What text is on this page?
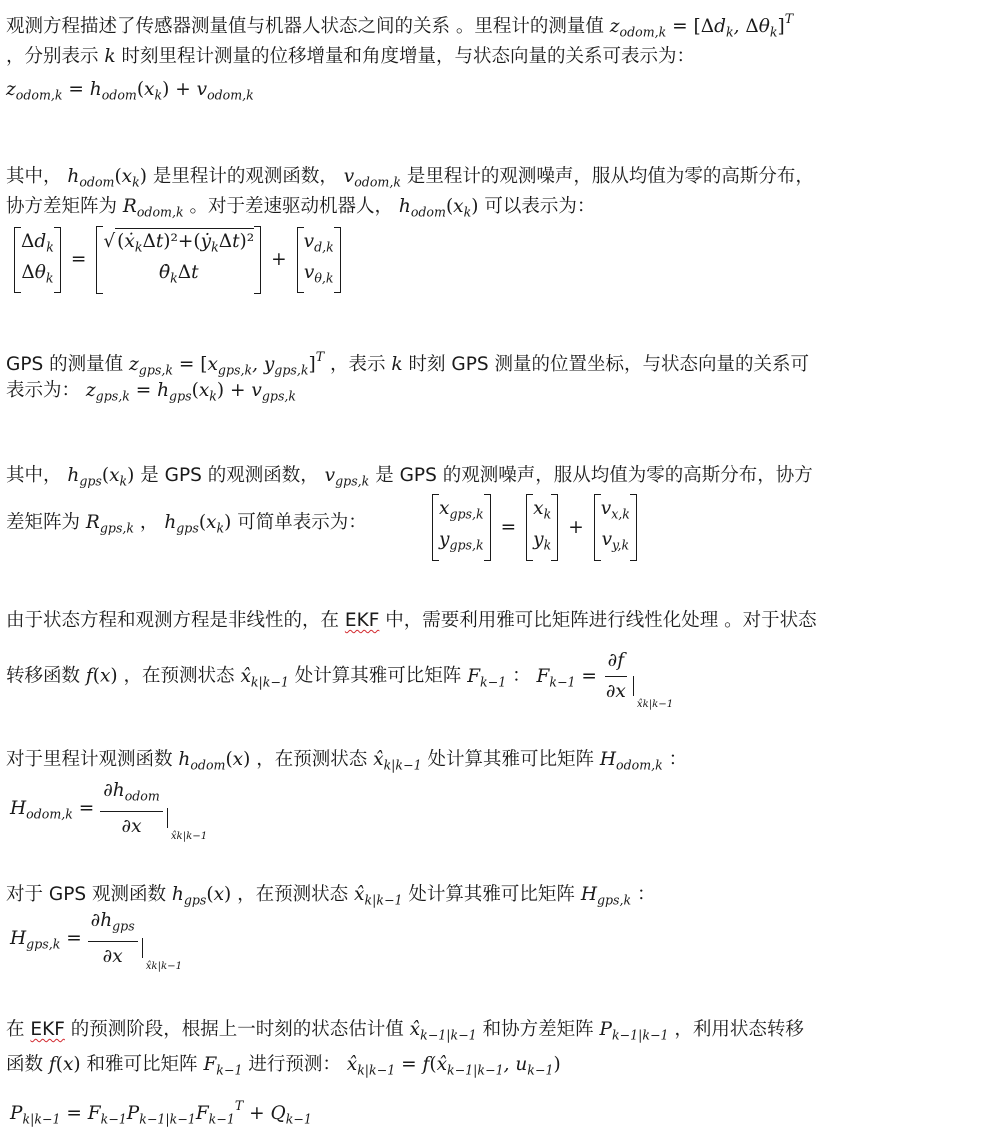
观测方程描述了传感器测量值与机器人状态之间的关系 。里程计的测量值 $z_{odom,k} = [\Delta d_k$, $\Delta\theta_k]^T$
，分别表示 k 时刻里程计测量的位移增量和角度增量，与状态向量的关系可表示为：
$z_{odom,k} = h_{odom}(x_k) + v_{odom,k}$
其中， $h_{odom}(x_k)$ 是里程计的观测函数， $v_{odom,k}$ 是里程计的观测噪声，服从均值为零的高斯分布，
协方差矩阵为 $R_{odom,k}$ 。对于差速驱动机器人， $h_{odom}(x_k)$ 可以表示为：
$\Delta d_k$
$\Delta\theta_k$
=
√ (ẋ$_k$Δt)²+(ẏ$_k$Δt)²
$\thetȧ_k\Delta t$
+
$v_{d,k}$
$v_{\theta,k}$
GPS 的测量值 $z_{gps,k} = [x_{gps,k}$, $y_{gps,k}]^T$ ，表示 k 时刻 GPS 测量的位置坐标，与状态向量的关系可
表示为： $z_{gps,k} = h_{gps}(x_k) + v_{gps,k}$
其中， $h_{gps}(x_k)$ 是 GPS 的观测函数， $v_{gps,k}$ 是 GPS 的观测噪声，服从均值为零的高斯分布，协方
差矩阵为 $R_{gps,k}$ ， $h_{gps}(x_k)$ 可简单表示为：
$x_{gps,k}$
$y_{gps,k}$
=
$x_k$
$y_k$
+
$v_{x,k}$
$v_{y,k}$
由于状态方程和观测方程是非线性的，在 EKF 中，需要利用雅可比矩阵进行线性化处理 。对于状态
转移函数 f(x) ，在预测状态 $x̂_{k|k-1}$ 处计算其雅可比矩阵 $F_{k-1}$ ： $F_{k-1} = \frac{\partial f}{\partial x} _{x̂k|k-1}$
对于里程计观测函数 $h_{odom}(x)$ ，在预测状态 $x̂_{k|k-1}$ 处计算其雅可比矩阵 $H_{odom,k}$ ：
$H_{odom,k} = \frac{\partial h_{odom}}{\partial x} _{x̂k|k-1}$
对于 GPS 观测函数 $h_{gps}(x)$ ，在预测状态 $x̂_{k|k-1}$ 处计算其雅可比矩阵 $H_{gps,k}$ ：
$H_{gps,k} = \frac{\partial h_{gps}}{\partial x} _{x̂k|k-1}$
在 EKF 的预测阶段，根据上一时刻的状态估计值 $x̂_{k-1|k-1}$ 和协方差矩阵 $P_{k-1|k-1}$ ，利用状态转移
函数 f(x) 和雅可比矩阵 $F_{k-1}$ 进行预测： $x̂_{k|k-1}$ = $f(x̂_{k-1|k-1}$, $u_{k-1}$)
$P_{k|k-1} = F_{k-1}P_{k-1|k-1}F_{k-1}^T + Q_{k-1}$
